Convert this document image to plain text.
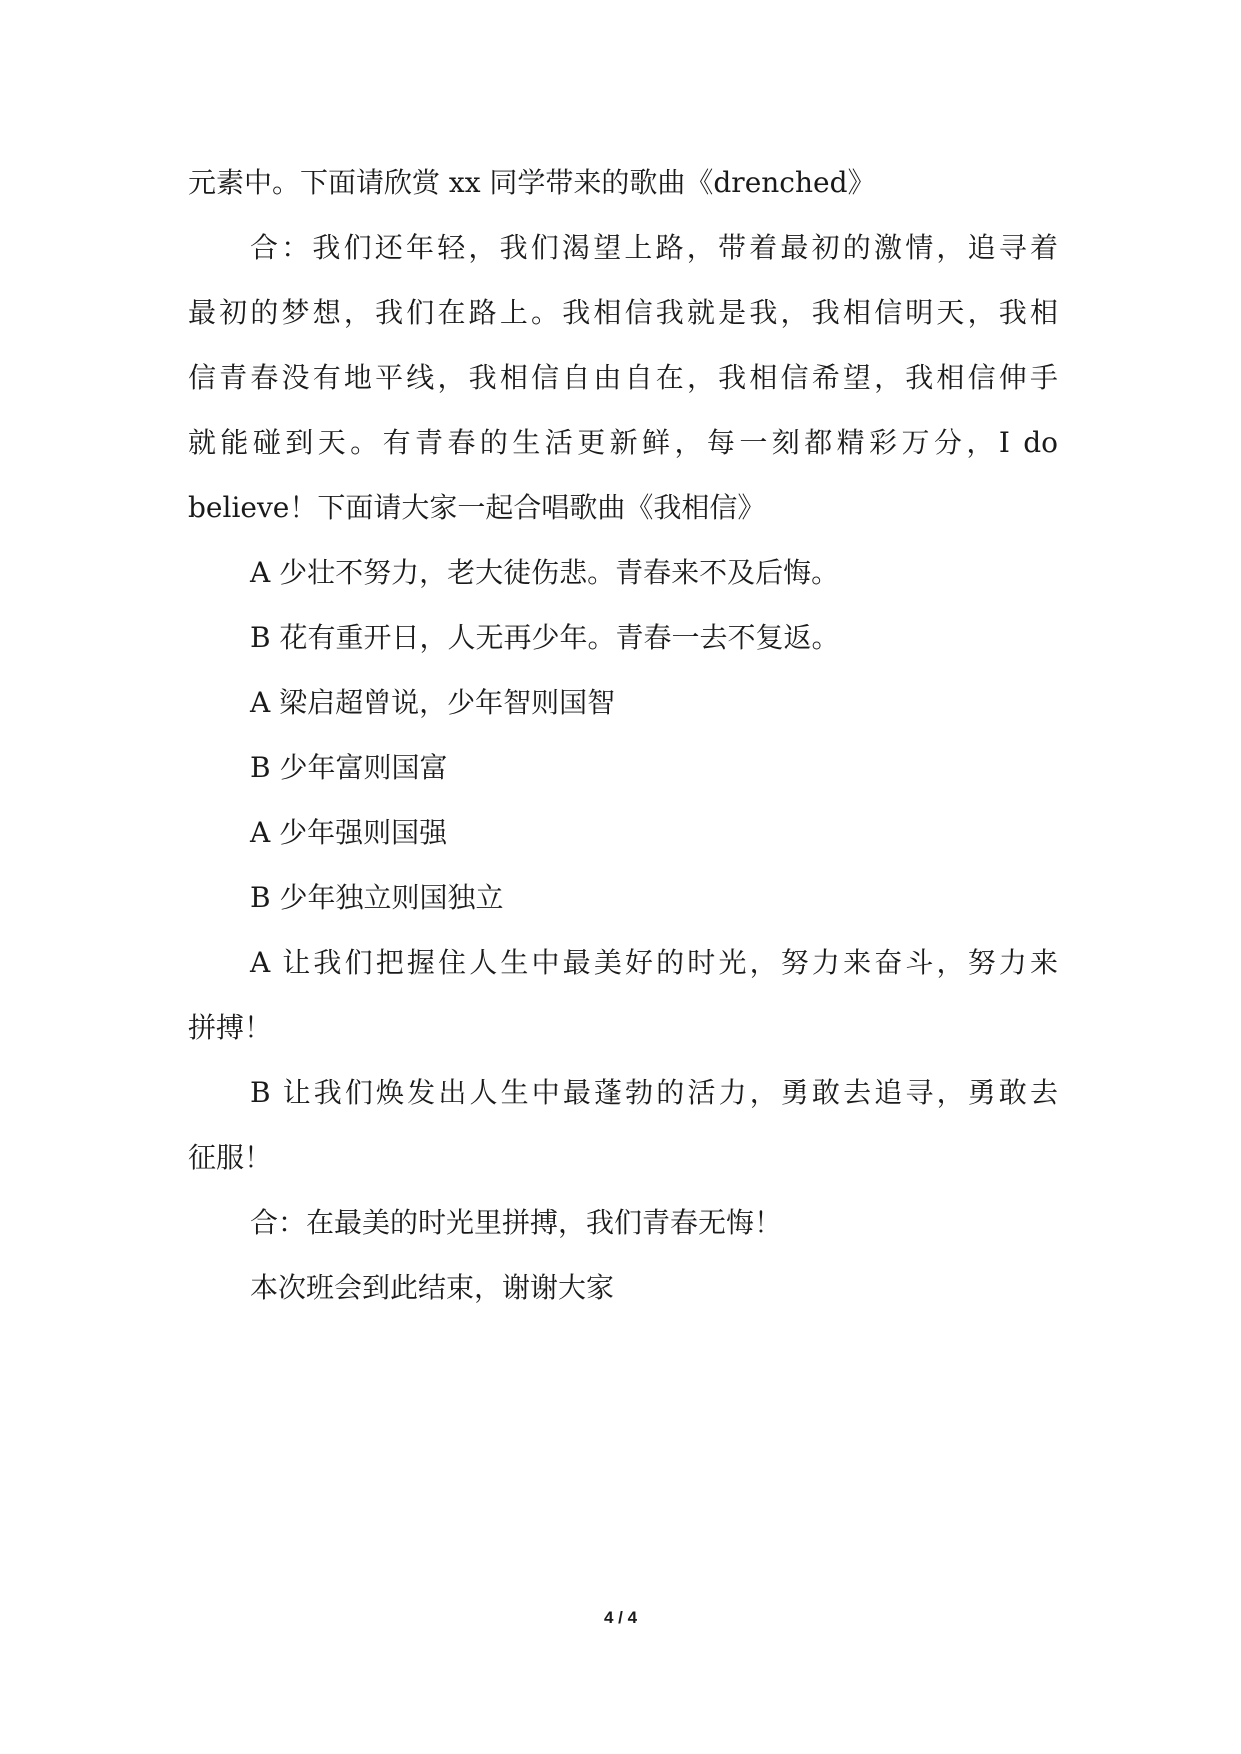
元素中。下面请欣赏 xx 同学带来的歌曲《drenched》
合：我们还年轻，我们渴望上路，带着最初的激情，追寻着
最初的梦想，我们在路上。我相信我就是我，我相信明天，我相
信青春没有地平线，我相信自由自在，我相信希望，我相信伸手
就能碰到天。有青春的生活更新鲜，每一刻都精彩万分，I do
believe！下面请大家一起合唱歌曲《我相信》
A 少壮不努力，老大徒伤悲。青春来不及后悔。
B 花有重开日，人无再少年。青春一去不复返。
A 梁启超曾说，少年智则国智
B 少年富则国富
A 少年强则国强
B 少年独立则国独立
A 让我们把握住人生中最美好的时光，努力来奋斗，努力来
拼搏！
B 让我们焕发出人生中最蓬勃的活力，勇敢去追寻，勇敢去
征服！
合：在最美的时光里拼搏，我们青春无悔！
本次班会到此结束，谢谢大家
4 / 4
